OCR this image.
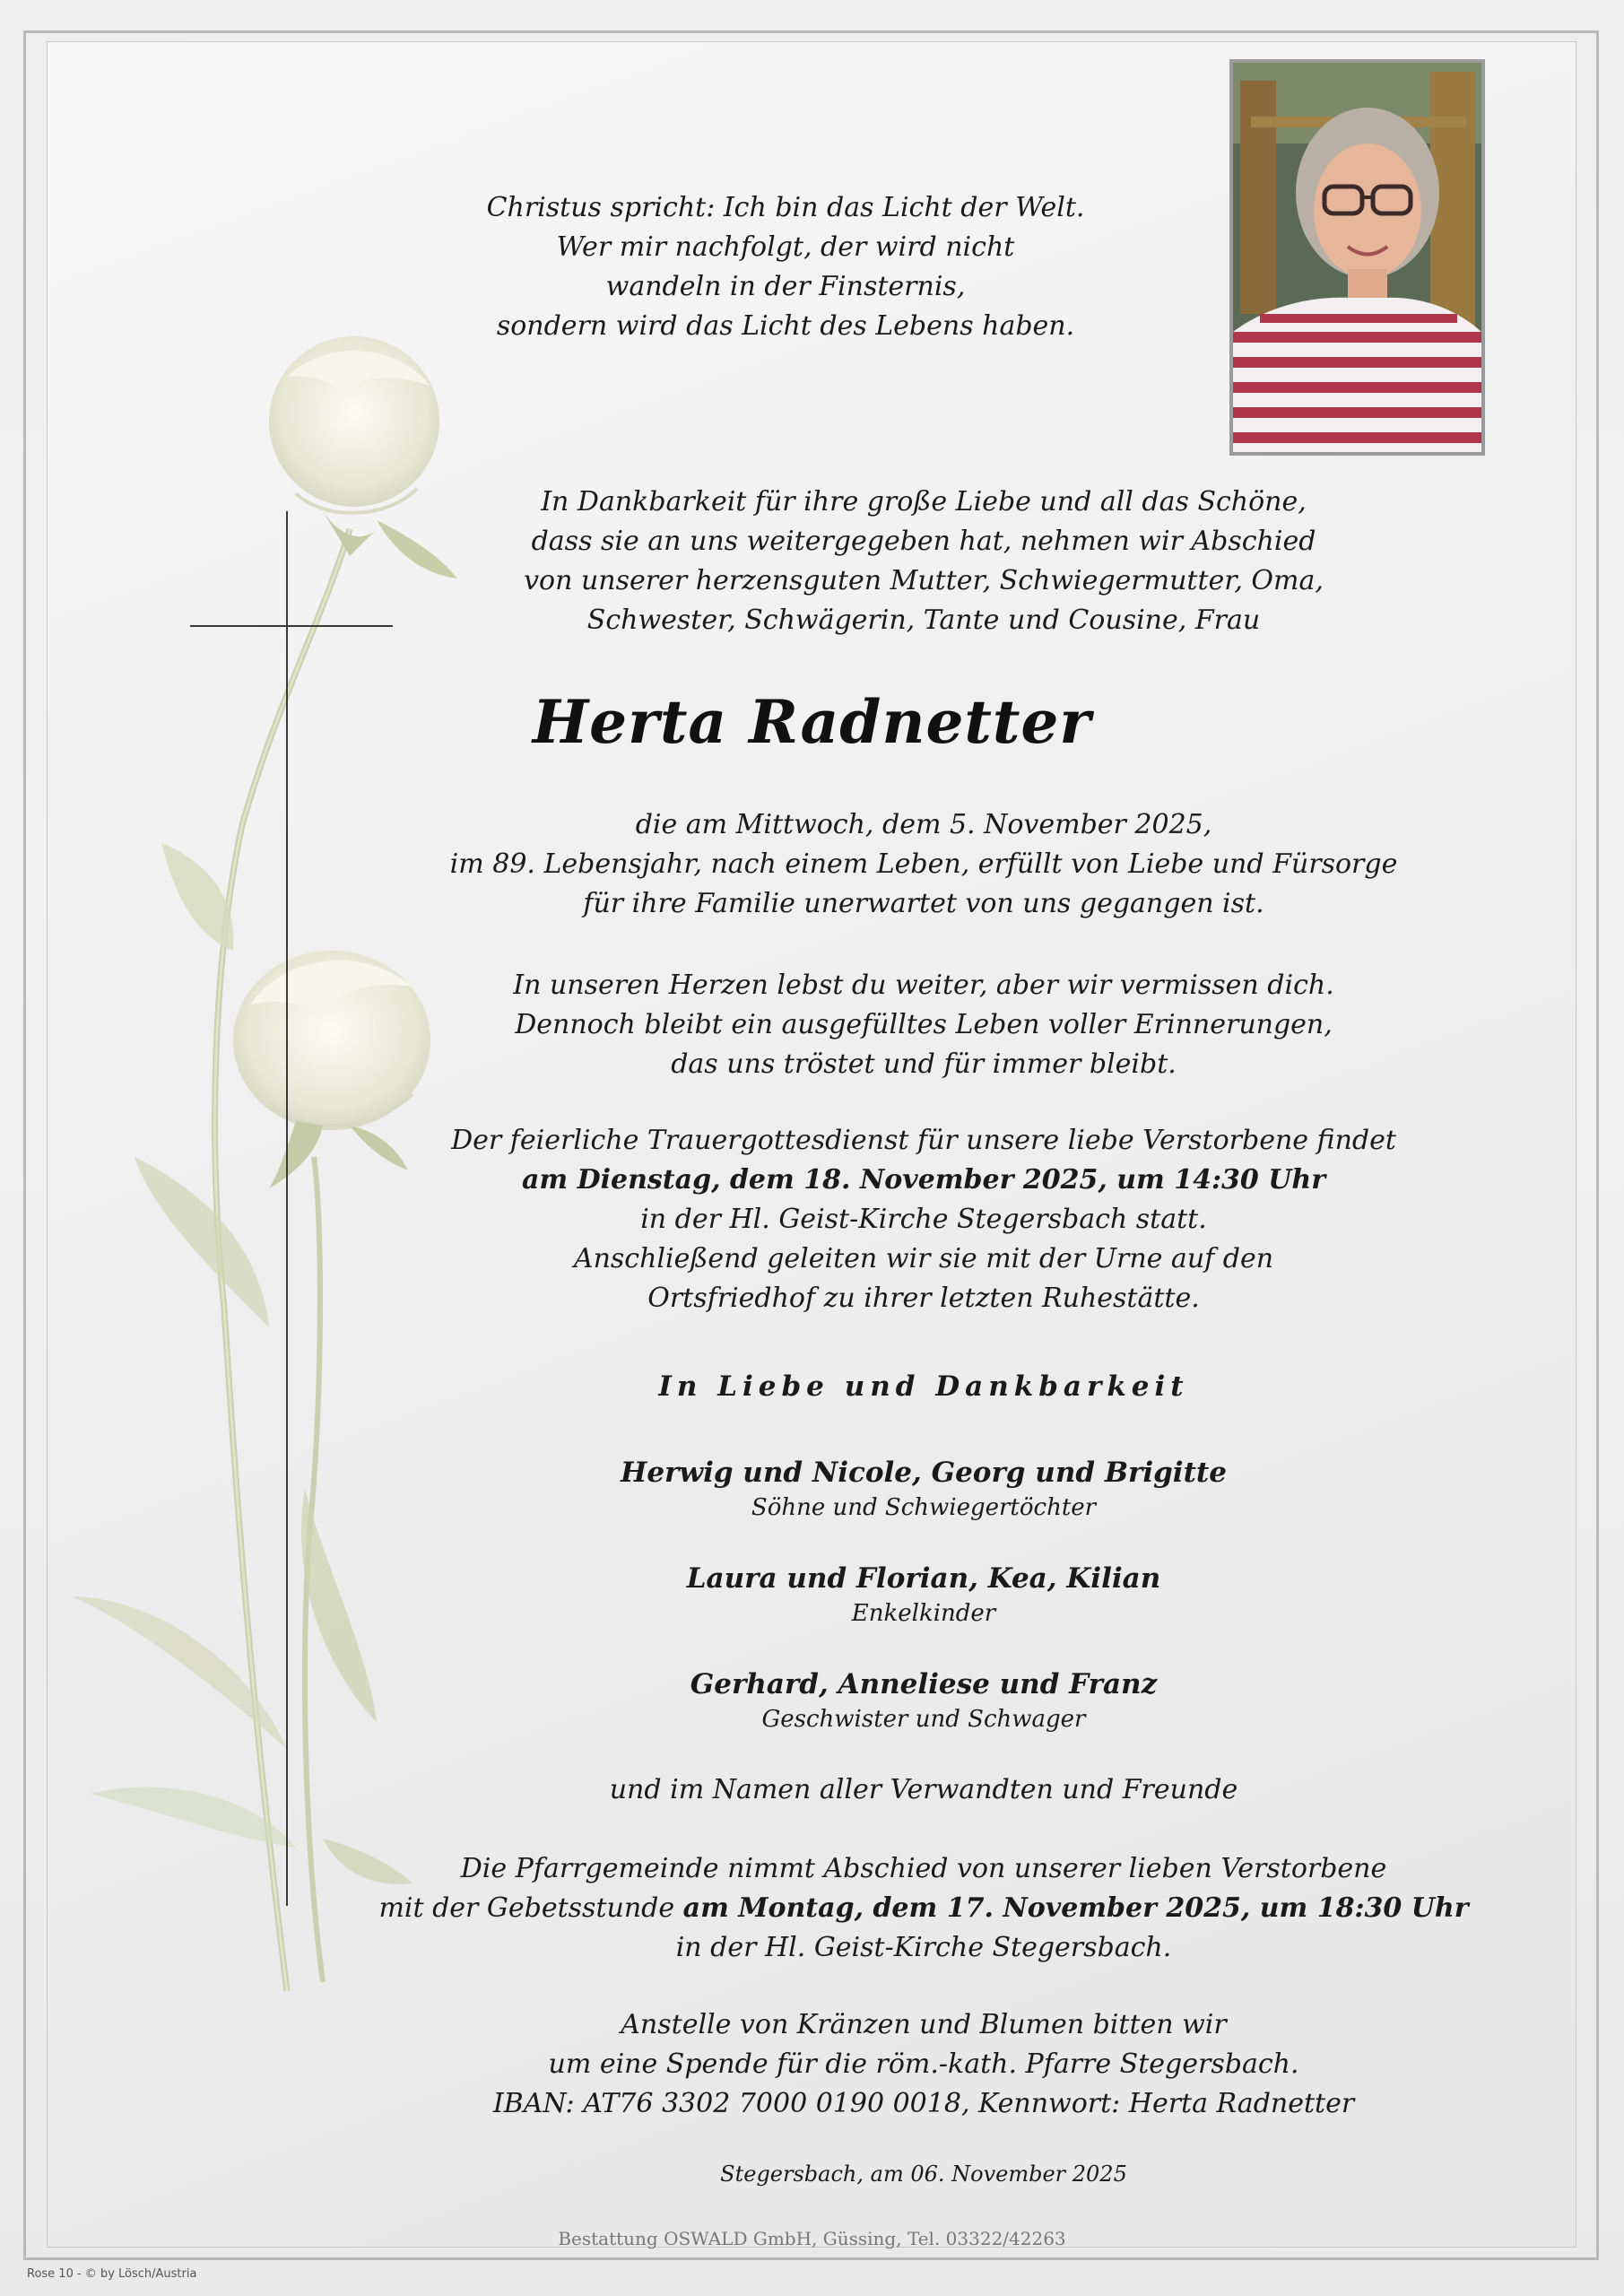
Christus spricht: Ich bin das Licht der Welt.
Wer mir nachfolgt, der wird nicht
wandeln in der Finsternis,
sondern wird das Licht des Lebens haben.
In Dankbarkeit für ihre große Liebe und all das Schöne,
dass sie an uns weitergegeben hat, nehmen wir Abschied
von unserer herzensguten Mutter, Schwiegermutter, Oma,
Schwester, Schwägerin, Tante und Cousine, Frau
Herta Radnetter
die am Mittwoch, dem 5. November 2025,
im 89. Lebensjahr, nach einem Leben, erfüllt von Liebe und Fürsorge
für ihre Familie unerwartet von uns gegangen ist.
In unseren Herzen lebst du weiter, aber wir vermissen dich.
Dennoch bleibt ein ausgefülltes Leben voller Erinnerungen,
das uns tröstet und für immer bleibt.
Der feierliche Trauergottesdienst für unsere liebe Verstorbene findet
am Dienstag, dem 18. November 2025, um 14:30 Uhr
in der Hl. Geist-Kirche Stegersbach statt.
Anschließend geleiten wir sie mit der Urne auf den
Ortsfriedhof zu ihrer letzten Ruhestätte.
In Liebe und Dankbarkeit
Herwig und Nicole, Georg und Brigitte
Söhne und Schwiegertöchter
Laura und Florian, Kea, Kilian
Enkelkinder
Gerhard, Anneliese und Franz
Geschwister und Schwager
und im Namen aller Verwandten und Freunde
Die Pfarrgemeinde nimmt Abschied von unserer lieben Verstorbene
mit der Gebetsstunde am Montag, dem 17. November 2025, um 18:30 Uhr
in der Hl. Geist-Kirche Stegersbach.
Anstelle von Kränzen und Blumen bitten wir
um eine Spende für die röm.-kath. Pfarre Stegersbach.
IBAN: AT76 3302 7000 0190 0018, Kennwort: Herta Radnetter
Stegersbach, am 06. November 2025
Bestattung OSWALD GmbH, Güssing, Tel. 03322/42263
Rose 10 - © by Lösch/Austria
